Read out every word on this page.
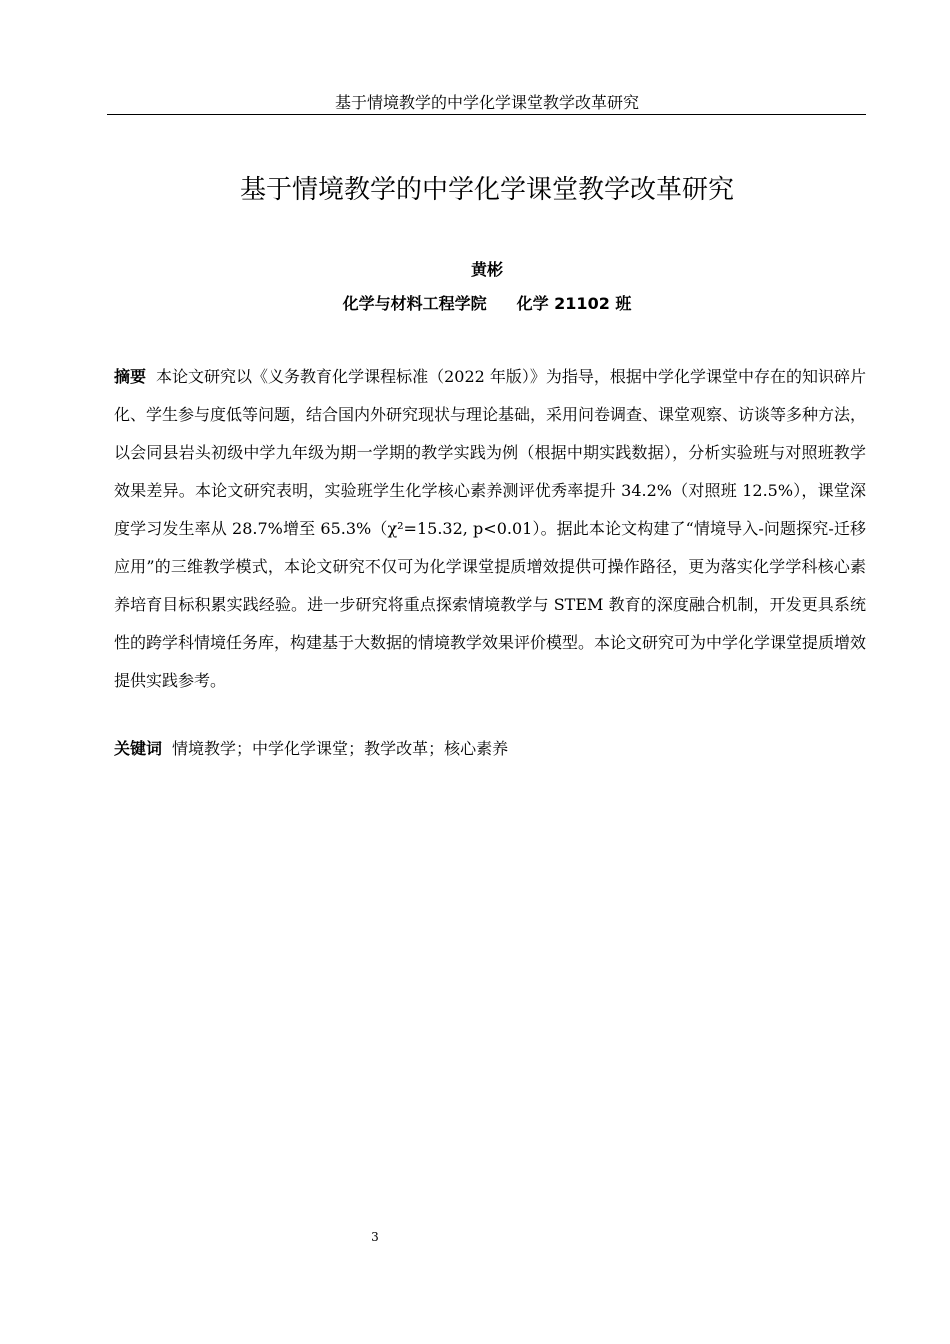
基于情境教学的中学化学课堂教学改革研究
基于情境教学的中学化学课堂教学改革研究
黄彬
化学与材料工程学院 化学 21102 班

摘要 本论文研究以《义务教育化学课程标准（2022 年版）》为指导，根据中学化学课堂中存在的知识碎片化、学生参与度低等问题，结合国内外研究现状与理论基础，采用问卷调查、课堂观察、访谈等多种方法，以会同县岩头初级中学九年级为期一学期的教学实践为例（根据中期实践数据），分析实验班与对照班教学效果差异。本论文研究表明，实验班学生化学核心素养测评优秀率提升 34.2%（对照班 12.5%），课堂深度学习发生率从 28.7%增至 65.3%（χ²=15.32, p<0.01）。据此本论文构建了“情境导入-问题探究-迁移应用”的三维教学模式，本论文研究不仅可为化学课堂提质增效提供可操作路径，更为落实化学学科核心素养培育目标积累实践经验。进一步研究将重点探索情境教学与 STEM 教育的深度融合机制，开发更具系统性的跨学科情境任务库，构建基于大数据的情境教学效果评价模型。本论文研究可为中学化学课堂提质增效提供实践参考。

关键词 情境教学 ； 中学化学课堂 ； 教学改革 ； 核心素养

3
